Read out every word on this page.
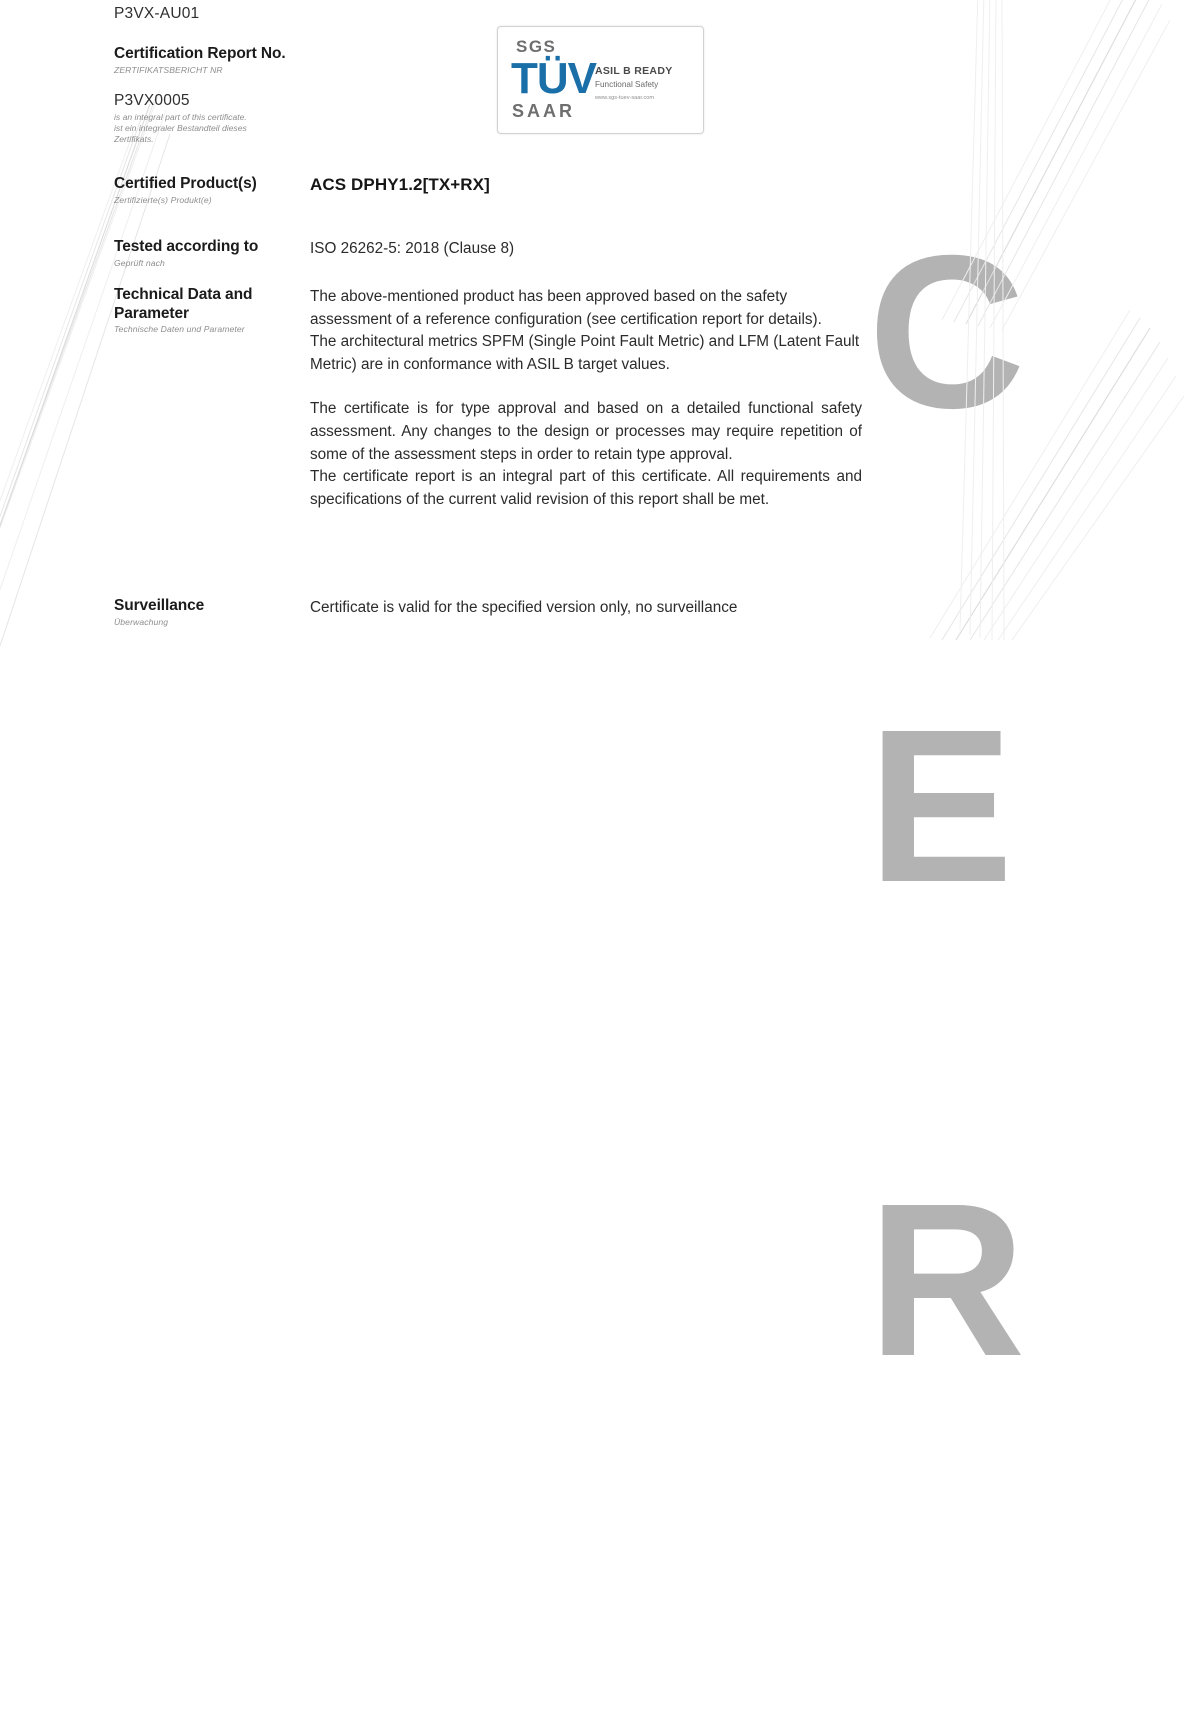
C

E

R

P3VX-AU01
SGS
TÜV
SAAR
ASIL B READY
Functional Safety
www.sgs-tuev-saar.com
Certification Report No.
ZERTIFIKATSBERICHT NR
P3VX0005
is an integral part of this certificate.
ist ein integraler Bestandteil dieses
Zertifikats.
Certified Product(s)
Zertifizierte(s) Produkt(e)
ACS DPHY1.2[TX+RX]
Tested according to
Geprüft nach
ISO 26262-5: 2018 (Clause 8)
Technical Data and
Parameter
Technische Daten und Parameter

The above-mentioned product has been approved based on the safety assessment of a reference configuration (see certification report for details).

The architectural metrics SPFM (Single Point Fault Metric) and LFM (Latent Fault Metric) are in conformance with ASIL B target values.

The certificate is for type approval and based on a detailed functional safety assessment. Any changes to the design or processes may require repetition of some of the assessment steps in order to retain type approval.

The certificate report is an integral part of this certificate. All requirements and specifications of the current valid revision of this report shall be met.

Surveillance
Überwachung
Certificate is valid for the specified version only, no surveillance
